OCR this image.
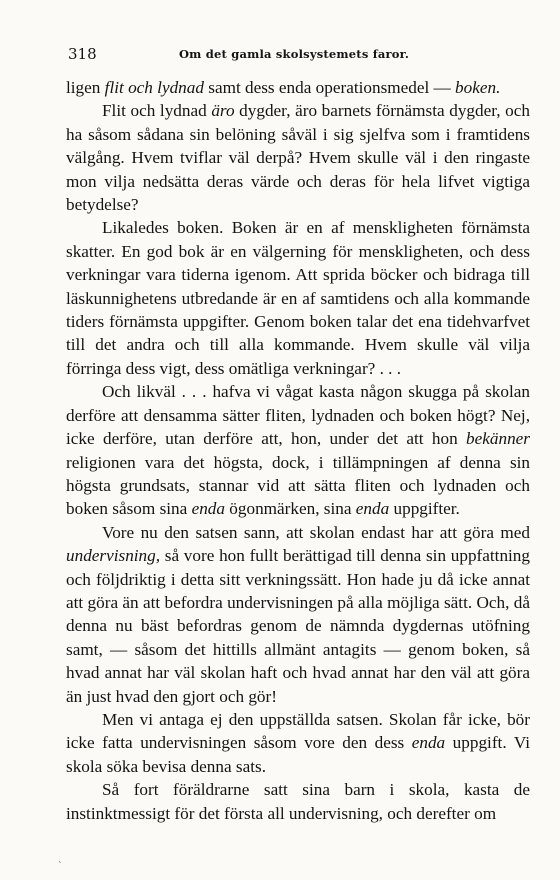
318	Om det gamla skolsystemets faror.

ligen flit och lydnad samt dess enda operationsmedel — boken.

Flit och lydnad äro dygder, äro barnets förnämsta dygder, och ha såsom sådana sin belöning såväl i sig sjelfva som i framtidens välgång. Hvem tviflar väl derpå? Hvem skulle väl i den ringaste mon vilja nedsätta deras värde och deras för hela lifvet vigtiga betydelse?

Likaledes boken. Boken är en af menskligheten förnämsta skatter. En god bok är en välgerning för menskligheten, och dess verkningar vara tiderna igenom. Att sprida böcker och bidraga till läskunnighetens utbredande är en af samtidens och alla kommande tiders förnämsta uppgifter. Genom boken talar det ena tidehvarfvet till det andra och till alla kommande. Hvem skulle väl vilja förringa dess vigt, dess omätliga verkningar? . . .

Och likväl . . . hafva vi vågat kasta någon skugga på skolan derföre att densamma sätter fliten, lydnaden och boken högt? Nej, icke derföre, utan derföre att, hon, under det att hon bekänner religionen vara det högsta, dock, i tillämpningen af denna sin högsta grundsats, stannar vid att sätta fliten och lydnaden och boken såsom sina enda ögonmärken, sina enda uppgifter.

Vore nu den satsen sann, att skolan endast har att göra med undervisning, så vore hon fullt berättigad till denna sin uppfattning och följdriktig i detta sitt verkningssätt. Hon hade ju då icke annat att göra än att befordra undervisningen på alla möjliga sätt. Och, då denna nu bäst befordras genom de nämnda dygdernas utöfning samt, — såsom det hittills allmänt antagits — genom boken, så hvad annat har väl skolan haft och hvad annat har den väl att göra än just hvad den gjort och gör!

Men vi antaga ej den uppställda satsen. Skolan får icke, bör icke fatta undervisningen såsom vore den dess enda uppgift. Vi skola söka bevisa denna sats.

Så fort föräldrarne satt sina barn i skola, kasta de instinktmessigt för det första all undervisning, och derefter om

`
